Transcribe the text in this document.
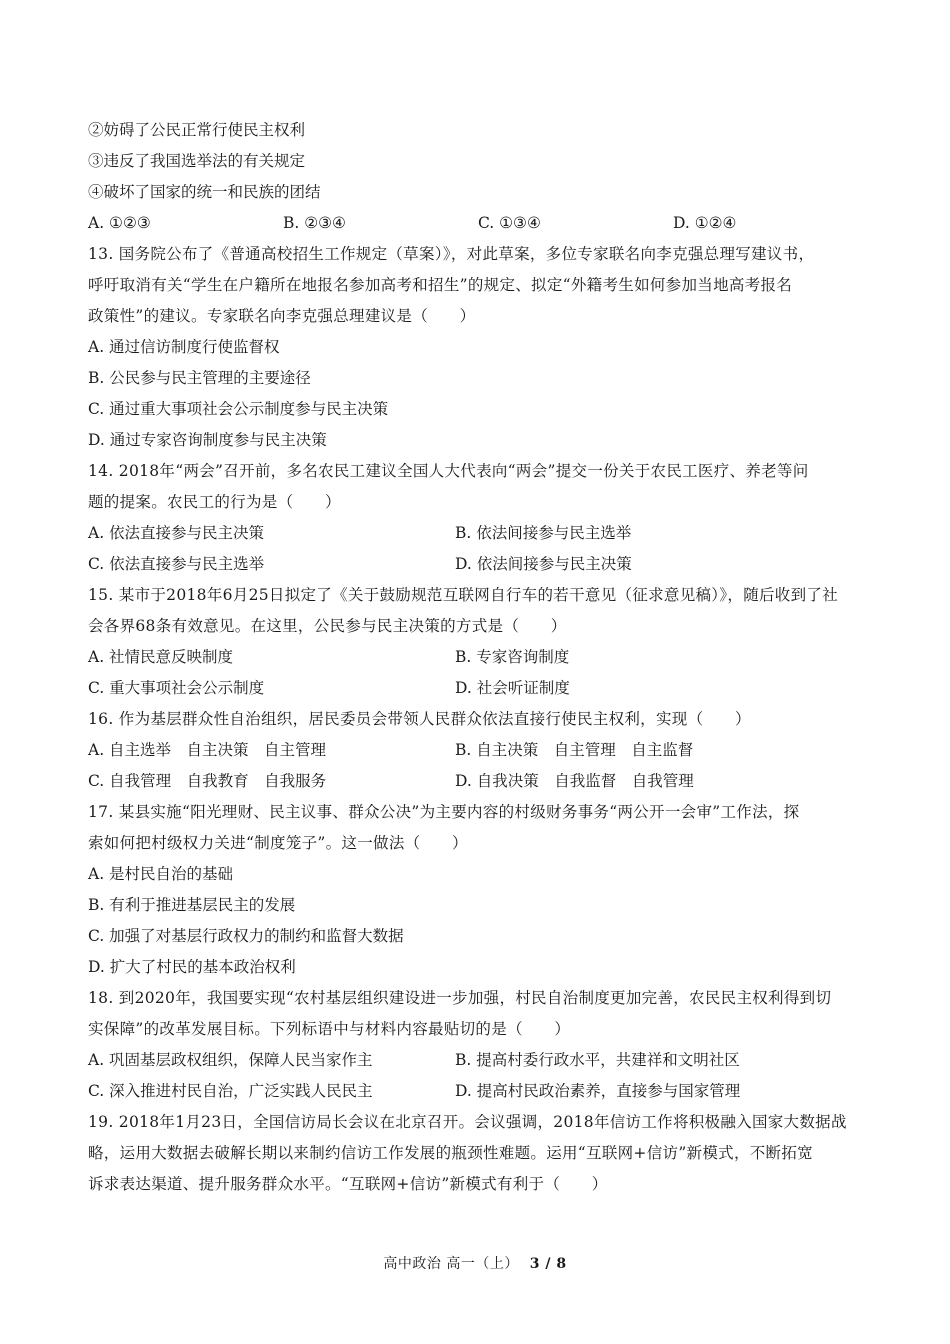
②妨碍了公民正常行使民主权利
③违反了我国选举法的有关规定
④破坏了国家的统一和民族的团结
A. ①②③	B. ②③④	C. ①③④	D. ①②④
13. 国务院公布了《普通高校招生工作规定（草案）》，对此草案，多位专家联名向李克强总理写建议书，
呼吁取消有关“学生在户籍所在地报名参加高考和招生”的规定、拟定“外籍考生如何参加当地高考报名
政策性”的建议。专家联名向李克强总理建议是（　　）
A. 通过信访制度行使监督权
B. 公民参与民主管理的主要途径
C. 通过重大事项社会公示制度参与民主决策
D. 通过专家咨询制度参与民主决策
14. 2018年“两会”召开前，多名农民工建议全国人大代表向“两会”提交一份关于农民工医疗、养老等问
题的提案。农民工的行为是（　　）
A. 依法直接参与民主决策	B. 依法间接参与民主选举
C. 依法直接参与民主选举	D. 依法间接参与民主决策
15. 某市于2018年6月25日拟定了《关于鼓励规范互联网自行车的若干意见（征求意见稿）》，随后收到了社
会各界68条有效意见。在这里，公民参与民主决策的方式是（　　）
A. 社情民意反映制度	B. 专家咨询制度
C. 重大事项社会公示制度	D. 社会听证制度
16. 作为基层群众性自治组织，居民委员会带领人民群众依法直接行使民主权利，实现（　　）
A. 自主选举　自主决策　自主管理	B. 自主决策　自主管理　自主监督
C. 自我管理　自我教育　自我服务	D. 自我决策　自我监督　自我管理
17. 某县实施“阳光理财、民主议事、群众公决”为主要内容的村级财务事务“两公开一会审”工作法，探
索如何把村级权力关进“制度笼子”。这一做法（　　）
A. 是村民自治的基础
B. 有利于推进基层民主的发展
C. 加强了对基层行政权力的制约和监督大数据
D. 扩大了村民的基本政治权利
18. 到2020年，我国要实现“农村基层组织建设进一步加强，村民自治制度更加完善，农民民主权利得到切
实保障”的改革发展目标。下列标语中与材料内容最贴切的是（　　）
A. 巩固基层政权组织，保障人民当家作主	B. 提高村委行政水平，共建祥和文明社区
C. 深入推进村民自治，广泛实践人民民主	D. 提高村民政治素养，直接参与国家管理
19. 2018年1月23日，全国信访局长会议在北京召开。会议强调，2018年信访工作将积极融入国家大数据战
略，运用大数据去破解长期以来制约信访工作发展的瓶颈性难题。运用“互联网+信访”新模式，不断拓宽
诉求表达渠道、提升服务群众水平。“互联网+信访”新模式有利于（　　）
高中政治 高一（上） 3 / 8
